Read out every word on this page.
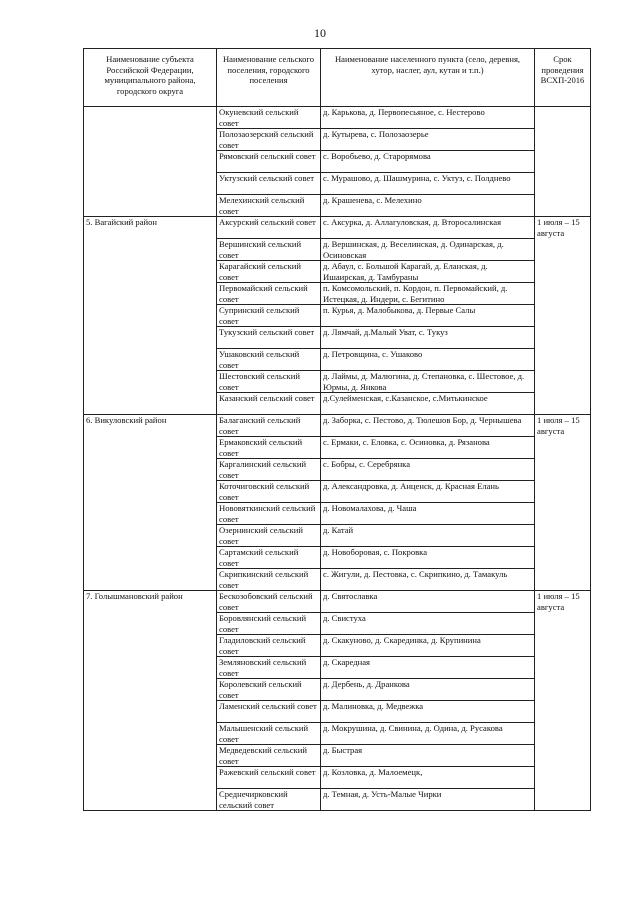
10
Наименование субъекта Российской Федерации, муниципального района, городского округа	Наименование сельского поселения, городского поселения	Наименование населенного пункта (село, деревня, хутор, наслег, аул, кутан и т.п.)	Срок проведения ВСХП-2016
	Окуневский сельский совет	д. Карькова, д. Первопесьяное, с. Нестерово	
	Полозаозерский сельский совет	д. Кутырева, с. Полозаозерье	
	Рямовский сельский совет	с. Воробьево, д. Старорямова	
	Уктузский сельский совет	с. Мурашово, д. Шашмурина, с. Уктуз, с. Полднево	
	Мелехинский сельский совет	д. Крашенева, с. Мелехино	
5. Вагайский район	Аксурский сельский совет	с. Аксурка, д. Аллагуловская, д. Второсалинская	1 июля – 15 августа
	Вершинский сельский совет	д. Вершинская, д. Веселинская, д. Одинарская, д. Осиновская	
	Карагайский сельский совет	д. Абаул, с. Большой Карагай, д. Еланская, д. Ишаирская, д. Тамбураны	
	Первомайский сельский совет	п. Комсомольский, п. Кордон, п. Первомайский, д. Истецкая, д. Индери, с. Бегитино	
	Супринский сельский совет	п. Курья, д. Малобыкова, д. Первые Салы	
	Тукузский сельский совет	д. Лямчай, д.Малый Уват, с. Тукуз	
	Ушаковский сельский совет	д. Петровщина, с. Ушаково	
	Шестовский сельский совет	д. Лаймы, д. Малюгина, д. Степановка, с. Шестовое, д. Юрмы, д. Янкова	
	Казанский сельский совет	д.Сулейменская, с.Казанское, с.Митькинское	
6. Викуловский район	Балаганский сельский совет	д. Заборка, с. Пестово, д. Тюлешов Бор, д. Чернышева	1 июля – 15 августа
	Ермаковский сельский совет	с. Ермаки, с. Еловка, с. Осиновка, д. Рязанова	
	Каргалинский сельский совет	с. Бобры, с. Серебрянка	
	Коточиговский сельский совет	д. Александровка, д. Анценск, д. Красная Елань	
	Нововяткинский сельский совет	д. Новомалахова, д. Чаша	
	Озернинский сельский совет	д. Катай	
	Сартамский сельский совет	д. Новоборовая, с. Покровка	
	Скрипкинский сельский совет	с. Жигули, д. Пестовка, с. Скрипкино, д. Тамакуль	
7. Голышмановский район	Бескозобовский сельский совет	д. Святославка	1 июля – 15 августа
	Боровлянский сельский совет	д. Свистуха	
	Гладиловский сельский совет	д. Скакуново, д. Скарединка, д. Крупинина	
	Земляновский сельский совет	д. Скаредная	
	Королевский сельский совет	д. Дербень, д. Дранкова	
	Ламенский сельский совет	д. Малиновка, д. Медвежка	
	Малышенский сельский совет	д. Мокрушина, д. Свинина, д. Одина, д. Русакова	
	Медведевский сельский совет	д. Быстрая	
	Ражевский сельский совет	д. Козловка, д. Малоемецк,	
	Среднечирковский сельский совет	д. Темная, д. Усть-Малые Чирки	
